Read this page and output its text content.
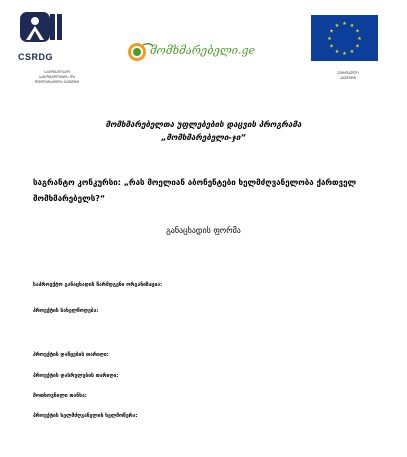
CSRDG
ᲡᲐᲛᲝᲥᲐᲚᲐᲥᲝ
ᲡᲐᲖᲝᲒᲐᲓᲝᲔᲑᲘᲡ ᲓᲐ
ᲓᲔᲛᲝᲙᲠᲐᲢᲘᲘᲡ ᲪᲔᲜᲢᲠᲘ
მომხმარებელი.ge
★ ★
★
★
★
★
★
★
★
★
★
★
ᲔᲕᲠᲝᲞᲣᲚᲘ
ᲙᲐᲕᲨᲘᲠᲘ
მომხმარებელთა უფლებების დაცვის პროგრამა
„მომხმარებელი-ჯი“
საგრანტო კონკურსი: „რას მოელიან აბონენტები ხელმძღვანელობა ქართველ მომხმარებელს?“
განაცხადის ფორმა
საპროექტო განაცხადის წარმდგენი ორგანიზაცია:
პროექტის სახელწოდება:
პროექტის დაწყების თარიღი:
პროექტის დასრულების თარიღი:
მოთხოვნილი თანხა:
პროექტის ხელმძღვანელის ხელმოწერა:
